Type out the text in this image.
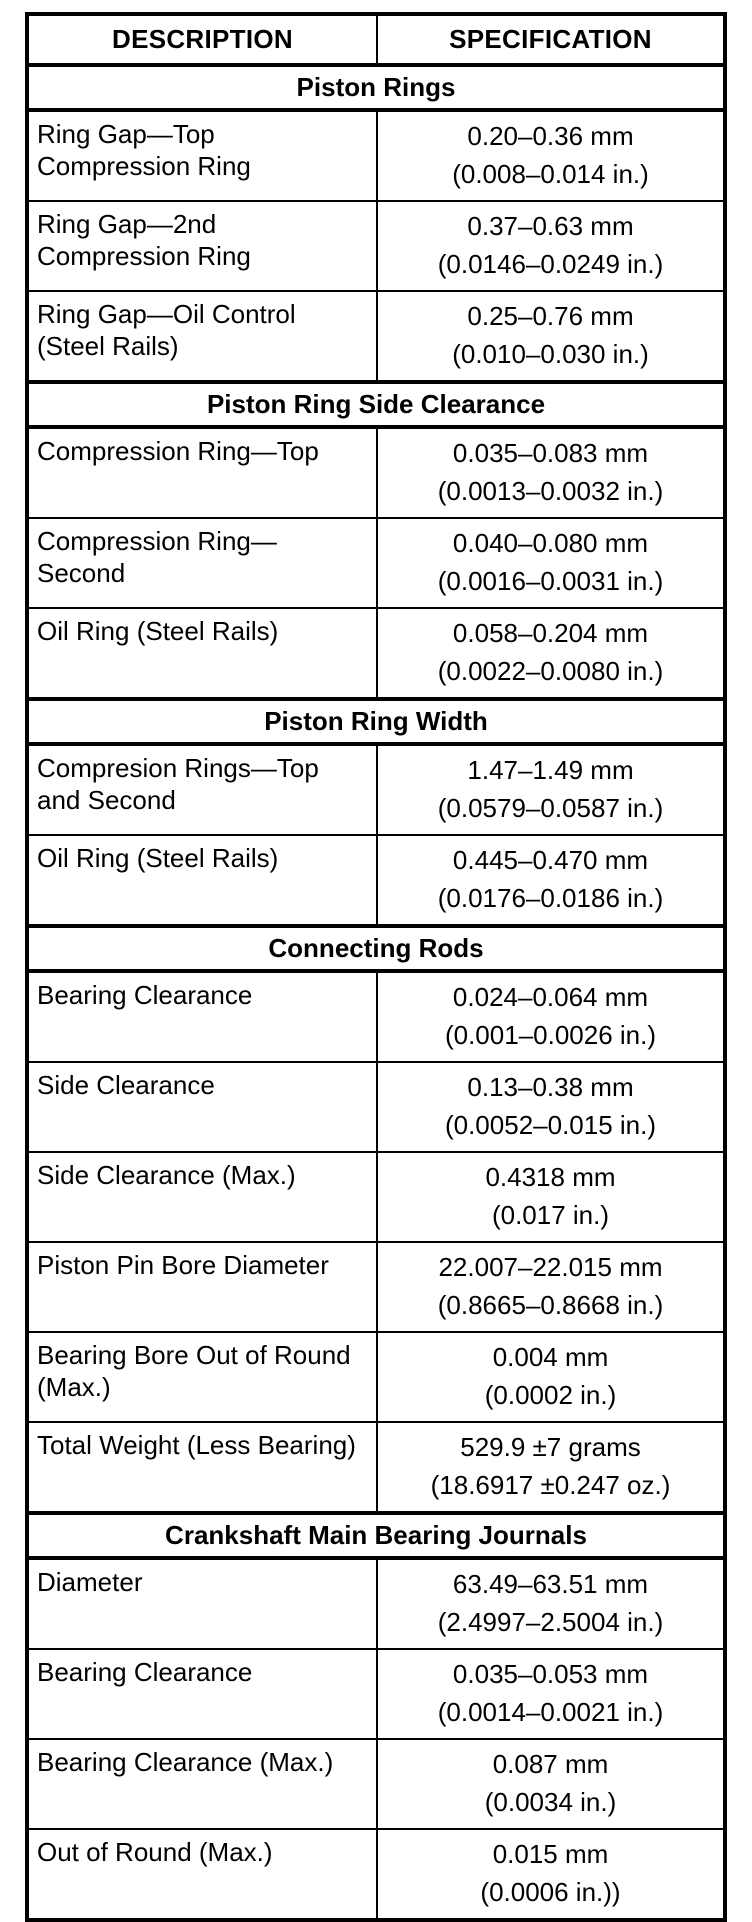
DESCRIPTION	SPECIFICATION
Piston Rings	
Ring Gap—Top Compression Ring	0.20–0.36 mm
(0.008–0.014 in.)

Ring Gap—2nd Compression Ring	0.37–0.63 mm
(0.0146–0.0249 in.)

Ring Gap—Oil Control (Steel Rails)	0.25–0.76 mm
(0.010–0.030 in.)

Piston Ring Side Clearance	
Compression Ring—Top	0.035–0.083 mm
(0.0013–0.0032 in.)

Compression Ring— Second	0.040–0.080 mm
(0.0016–0.0031 in.)

Oil Ring (Steel Rails)	0.058–0.204 mm
(0.0022–0.0080 in.)

Piston Ring Width	
Compresion Rings—Top and Second	1.47–1.49 mm
(0.0579–0.0587 in.)

Oil Ring (Steel Rails)	0.445–0.470 mm
(0.0176–0.0186 in.)

Connecting Rods	
Bearing Clearance	0.024–0.064 mm
(0.001–0.0026 in.)

Side Clearance	0.13–0.38 mm
(0.0052–0.015 in.)

Side Clearance (Max.)	0.4318 mm
(0.017 in.)

Piston Pin Bore Diameter	22.007–22.015 mm
(0.8665–0.8668 in.)

Bearing Bore Out of Round (Max.)	0.004 mm
(0.0002 in.)

Total Weight (Less Bearing)	529.9 ±7 grams
(18.6917 ±0.247 oz.)

Crankshaft Main Bearing Journals	
Diameter	63.49–63.51 mm
(2.4997–2.5004 in.)

Bearing Clearance	0.035–0.053 mm
(0.0014–0.0021 in.)

Bearing Clearance (Max.)	0.087 mm
(0.0034 in.)

Out of Round (Max.)	0.015 mm
(0.0006 in.))
